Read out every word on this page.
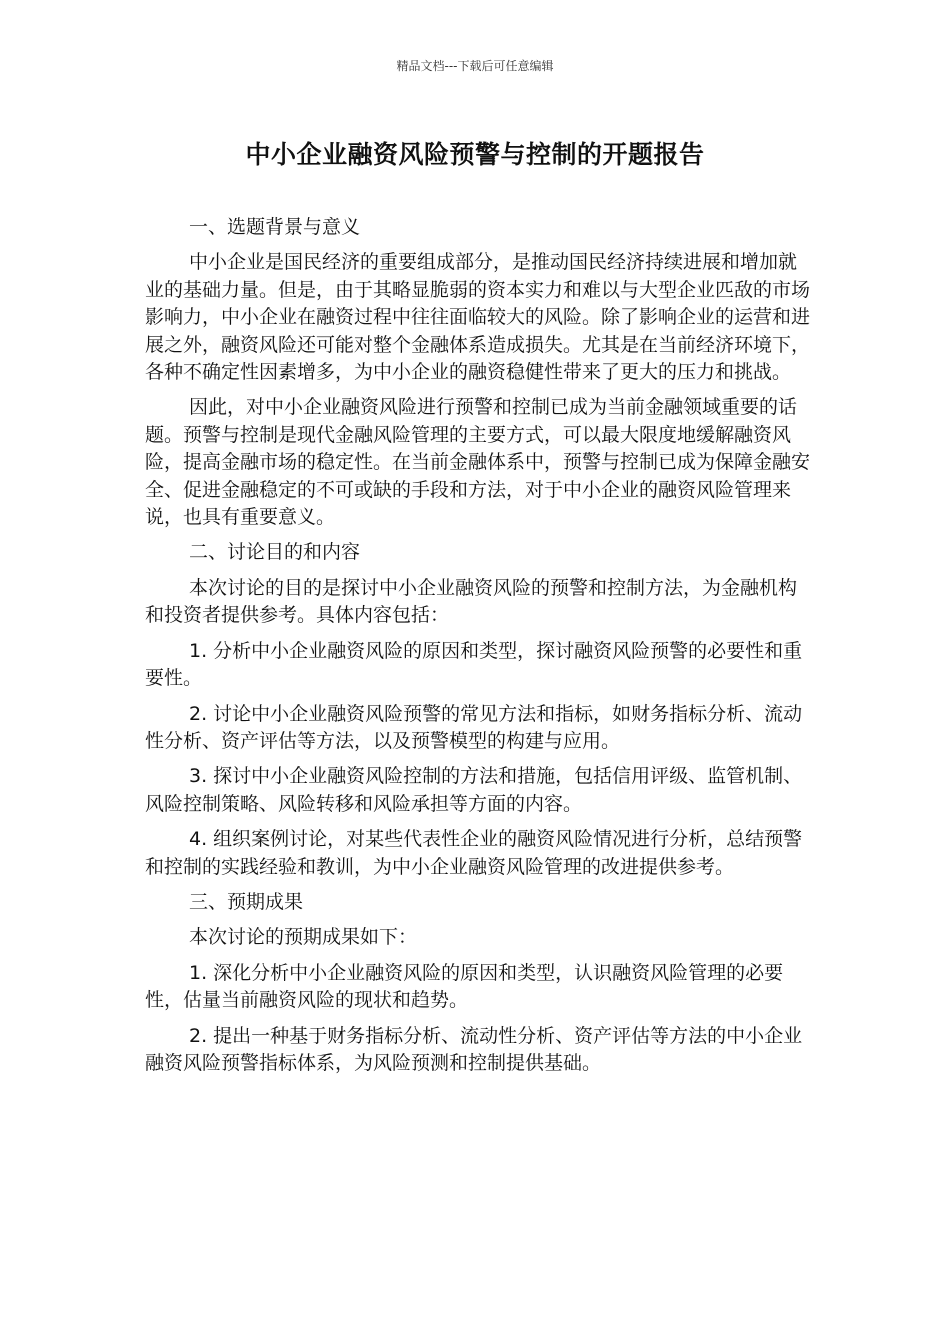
精品文档---下载后可任意编辑
中小企业融资风险预警与控制的开题报告

一、选题背景与意义

中小企业是国民经济的重要组成部分，是推动国民经济持续进展和增加就业的基础力量。但是，由于其略显脆弱的资本实力和难以与大型企业匹敌的市场影响力，中小企业在融资过程中往往面临较大的风险。除了影响企业的运营和进展之外，融资风险还可能对整个金融体系造成损失。尤其是在当前经济环境下，各种不确定性因素增多，为中小企业的融资稳健性带来了更大的压力和挑战。

因此，对中小企业融资风险进行预警和控制已成为当前金融领域重要的话题。预警与控制是现代金融风险管理的主要方式，可以最大限度地缓解融资风险，提高金融市场的稳定性。在当前金融体系中，预警与控制已成为保障金融安全、促进金融稳定的不可或缺的手段和方法，对于中小企业的融资风险管理来说，也具有重要意义。

二、讨论目的和内容

本次讨论的目的是探讨中小企业融资风险的预警和控制方法，为金融机构和投资者提供参考。具体内容包括：

1. 分析中小企业融资风险的原因和类型，探讨融资风险预警的必要性和重要性。

2. 讨论中小企业融资风险预警的常见方法和指标，如财务指标分析、流动性分析、资产评估等方法，以及预警模型的构建与应用。

3. 探讨中小企业融资风险控制的方法和措施，包括信用评级、监管机制、风险控制策略、风险转移和风险承担等方面的内容。

4. 组织案例讨论，对某些代表性企业的融资风险情况进行分析，总结预警和控制的实践经验和教训，为中小企业融资风险管理的改进提供参考。

三、预期成果

本次讨论的预期成果如下：

1. 深化分析中小企业融资风险的原因和类型，认识融资风险管理的必要性，估量当前融资风险的现状和趋势。

2. 提出一种基于财务指标分析、流动性分析、资产评估等方法的中小企业融资风险预警指标体系，为风险预测和控制提供基础。
